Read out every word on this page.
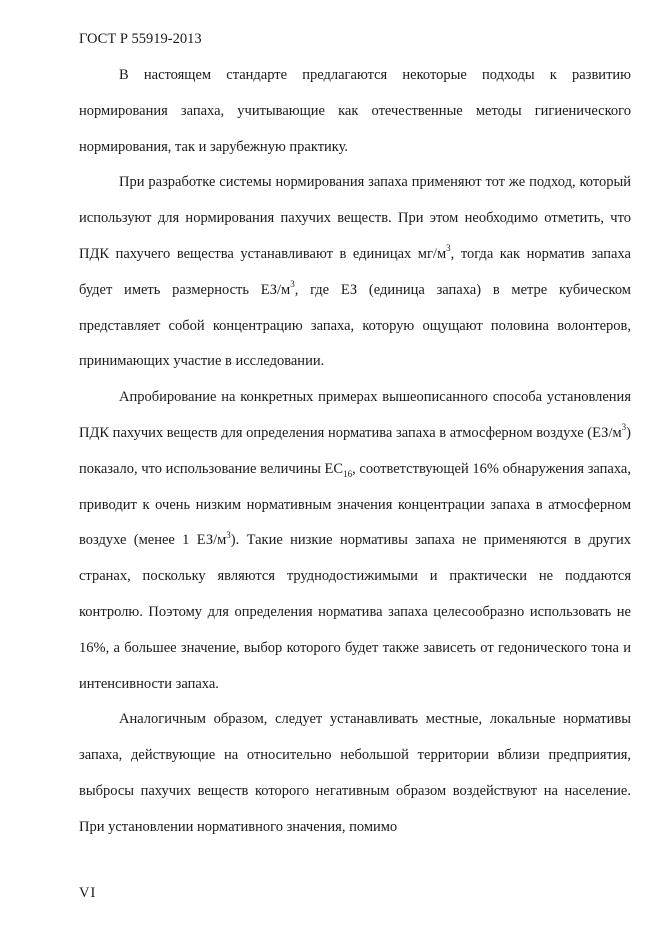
ГОСТ Р 55919-2013

В настоящем стандарте предлагаются некоторые подходы к развитию нормирования запаха, учитывающие как отечественные методы гигиенического нормирования, так и зарубежную практику.

При разработке системы нормирования запаха применяют тот же подход, который используют для нормирования пахучих веществ. При этом необходимо отметить, что ПДК пахучего вещества устанавливают в единицах $мг/м^3$, тогда как норматив запаха будет иметь размерность $ЕЗ/м^3$, где ЕЗ (единица запаха) в метре кубическом представляет собой концентрацию запаха, которую ощущают половина волонтеров, принимающих участие в исследовании.

Апробирование на конкретных примерах вышеописанного способа установления ПДК пахучих веществ для определения норматива запаха в атмосферном воздухе $(ЕЗ/м^3)$ показало, что использование величины $ЕС_{16}$, соответствующей 16% обнаружения запаха, приводит к очень низким нормативным значения концентрации запаха в атмосферном воздухе (менее 1 $ЕЗ/м^3$). Такие низкие нормативы запаха не применяются в других странах, поскольку являются труднодостижимыми и практически не поддаются контролю. Поэтому для определения норматива запаха целесообразно использовать не 16%, а большее значение, выбор которого будет также зависеть от гедонического тона и интенсивности запаха.

Аналогичным образом, следует устанавливать местные, локальные нормативы запаха, действующие на относительно небольшой территории вблизи предприятия, выбросы пахучих веществ которого негативным образом воздействуют на население. При установлении нормативного значения, помимо

VI
